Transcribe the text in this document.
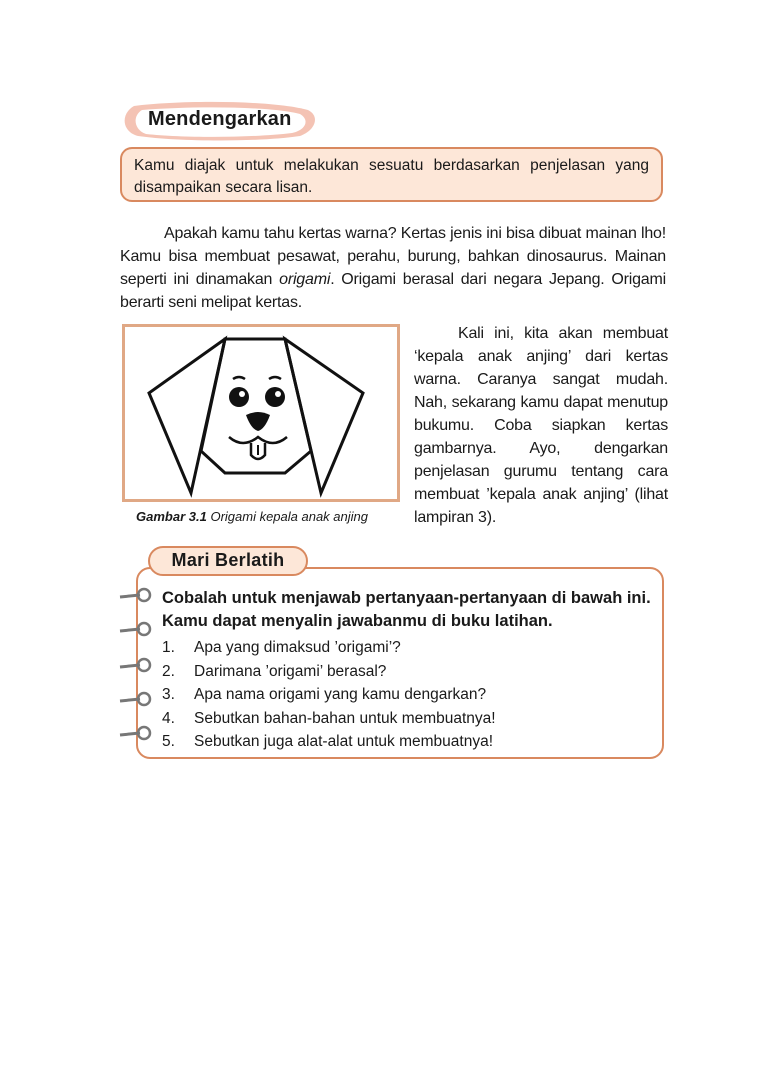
Mendengarkan
Kamu diajak untuk melakukan sesuatu berdasarkan penjelasan yang disampaikan secara lisan.
Apakah kamu tahu kertas warna? Kertas jenis ini bisa dibuat mainan lho! Kamu bisa membuat pesawat, perahu, burung, bahkan dinosaurus. Mainan seperti ini dinamakan origami. Origami berasal dari negara Jepang. Origami berarti seni melipat kertas.
Gambar 3.1 Origami kepala anak anjing
Kali ini, kita akan membuat ‘kepala anak anjing’ dari kertas warna. Caranya sangat mudah. Nah, sekarang kamu dapat menutup bukumu. Coba siapkan kertas gambarnya. Ayo, dengarkan penjelasan gurumu tentang cara membuat ’kepala anak anjing’ (lihat lampiran 3).
Mari Berlatih
Cobalah untuk menjawab pertanyaan-pertanyaan di bawah ini. Kamu dapat menyalin jawabanmu di buku latihan.
1.	Apa yang dimaksud ’origami’?
2.	Darimana ’origami’ berasal?
3.	Apa nama origami yang kamu dengarkan?
4.	Sebutkan bahan-bahan untuk membuatnya!
5.	Sebutkan juga alat-alat untuk membuatnya!
